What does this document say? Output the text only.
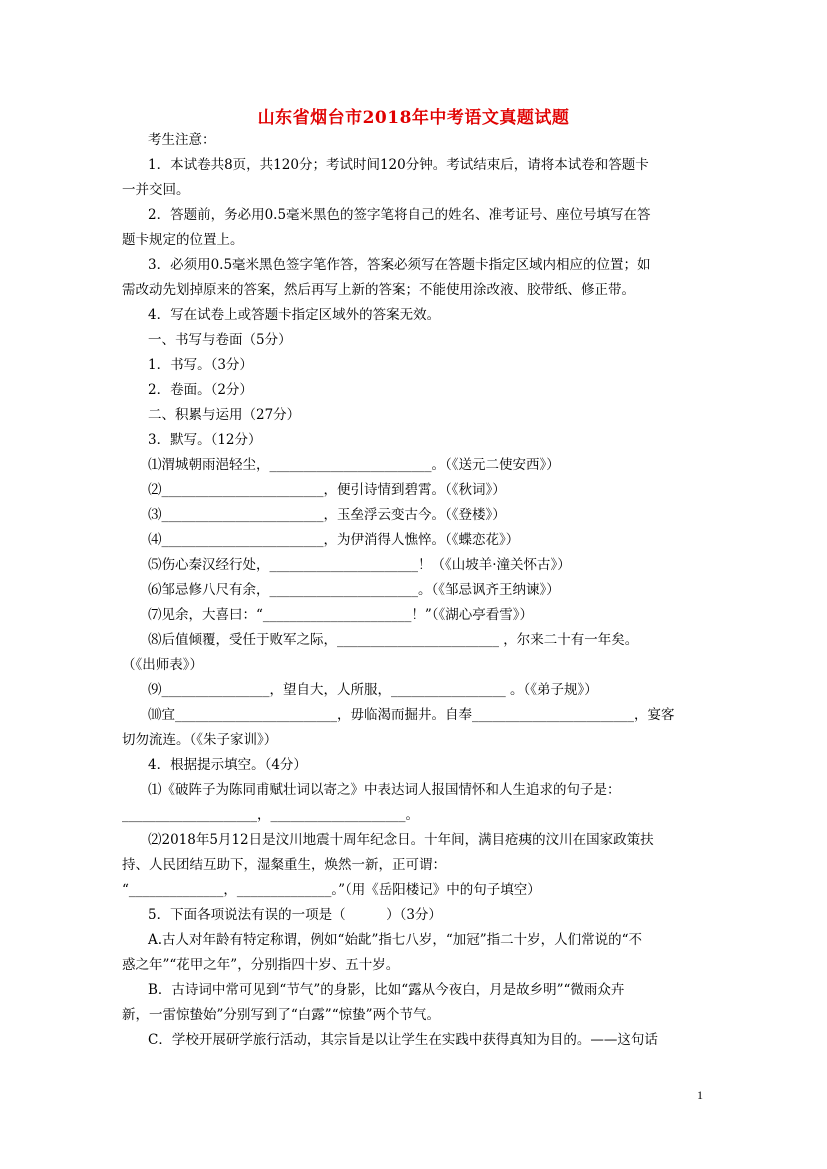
山东省烟台市2018年中考语文真题试题
考生注意：
1．本试卷共8页，共120分；考试时间120分钟。考试结束后，请将本试卷和答题卡
一并交回。
2．答题前，务必用0.5毫米黑色的签字笔将自己的姓名、准考证号、座位号填写在答
题卡规定的位置上。
3．必须用0.5毫米黑色签字笔作答，答案必须写在答题卡指定区域内相应的位置；如
需改动先划掉原来的答案，然后再写上新的答案；不能使用涂改液、胶带纸、修正带。
4．写在试卷上或答题卡指定区域外的答案无效。
一、书写与卷面（5分）
1．书写。（3分）
2．卷面。（2分）
二、积累与运用（27分）
3．默写。（12分）
⑴渭城朝雨浥轻尘，________________________。（《送元二使安西》）
⑵________________________，便引诗情到碧霄。（《秋词》）
⑶________________________，玉垒浮云变古今。（《登楼》）
⑷________________________，为伊消得人憔悴。（《蝶恋花》）
⑸伤心秦汉经行处，______________________！（《山坡羊·潼关怀古》）
⑹邹忌修八尺有余，______________________。（《邹忌讽齐王纳谏》）
⑺见余，大喜曰：“______________________！”（《湖心亭看雪》）
⑻后值倾覆，受任于败军之际，________________________ ，尔来二十有一年矣。
（《出师表》）
⑼________________，望自大，人所服，_________________ 。（《弟子规》）
⑽宜________________________，毋临渴而掘井。自奉________________________，宴客
切勿流连。（《朱子家训》）
4．根据提示填空。（4分）
⑴《破阵子为陈同甫赋壮词以寄之》中表达词人报国情怀和人生追求的句子是：
____________________，____________________。
⑵2018年5月12日是汶川地震十周年纪念日。十年间，满目疮痍的汶川在国家政策扶
持、人民团结互助下，湿粲重生，焕然一新，正可谓：
“______________，______________。”（用《岳阳楼记》中的句子填空）
5．下面各项说法有误的一项是（　　　）（3分）
A.古人对年龄有特定称谓，例如“始龀”指七八岁，“加冠”指二十岁，人们常说的“不
惑之年”“花甲之年”，分别指四十岁、五十岁。
B．古诗词中常可见到“节气”的身影，比如“露从今夜白，月是故乡明”“微雨众卉
新，一雷惊蛰始”分别写到了“白露”“惊蛰”两个节气。
C．学校开展研学旅行活动，其宗旨是以让学生在实践中获得真知为目的。——这句话
1
